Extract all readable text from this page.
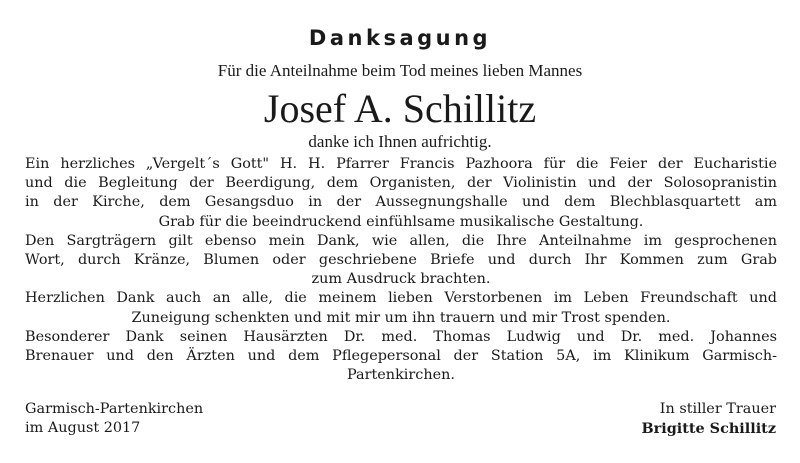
Danksagung
Für die Anteilnahme beim Tod meines lieben Mannes
Josef A. Schillitz
danke ich Ihnen aufrichtig.
Ein herzliches „Vergelt´s Gott" H. H. Pfarrer Francis Pazhoora für die Feier der Eucharistie
und die Begleitung der Beerdigung, dem Organisten, der Violinistin und der Solosopranistin
in der Kirche, dem Gesangsduo in der Aussegnungshalle und dem Blechblasquartett am
Grab für die beeindruckend einfühlsame musikalische Gestaltung.
Den Sargträgern gilt ebenso mein Dank, wie allen, die Ihre Anteilnahme im gesprochenen
Wort, durch Kränze, Blumen oder geschriebene Briefe und durch Ihr Kommen zum Grab
zum Ausdruck brachten.
Herzlichen Dank auch an alle, die meinem lieben Verstorbenen im Leben Freundschaft und
Zuneigung schenkten und mit mir um ihn trauern und mir Trost spenden.
Besonderer Dank seinen Hausärzten Dr. med. Thomas Ludwig und Dr. med. Johannes
Brenauer und den Ärzten und dem Pflegepersonal der Station 5A, im Klinikum Garmisch-
Partenkirchen.
Garmisch-Partenkirchen
im August 2017
In stiller Trauer
Brigitte Schillitz
